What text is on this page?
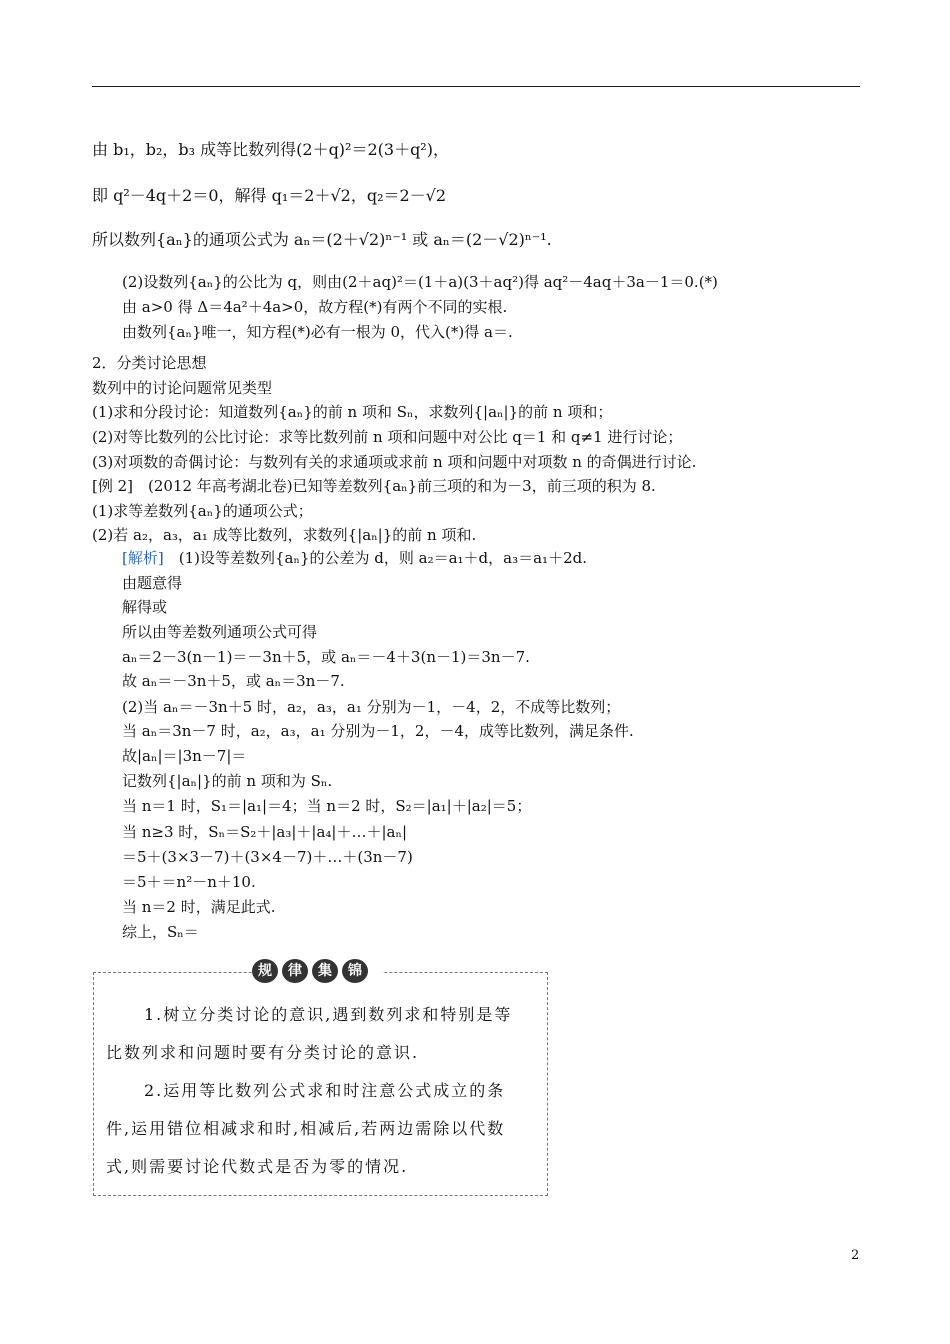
由 b₁，b₂，b₃ 成等比数列得(2＋q)²＝2(3＋q²)，
即 q²－4q＋2＝0，解得 q₁＝2＋√2，q₂＝2－√2
所以数列{aₙ}的通项公式为 aₙ＝(2＋√2)ⁿ⁻¹ 或 aₙ＝(2－√2)ⁿ⁻¹.
(2)设数列{aₙ}的公比为 q，则由(2＋aq)²＝(1＋a)(3＋aq²)得 aq²－4aq＋3a－1＝0.(*)
由 a>0 得 Δ＝4a²＋4a>0，故方程(*)有两个不同的实根.
由数列{aₙ}唯一，知方程(*)必有一根为 0，代入(*)得 a＝.
2．分类讨论思想
数列中的讨论问题常见类型
(1)求和分段讨论：知道数列{aₙ}的前 n 项和 Sₙ，求数列{|aₙ|}的前 n 项和；
(2)对等比数列的公比讨论：求等比数列前 n 项和问题中对公比 q＝1 和 q≠1 进行讨论；
(3)对项数的奇偶讨论：与数列有关的求通项或求前 n 项和问题中对项数 n 的奇偶进行讨论.
[例 2]　(2012 年高考湖北卷)已知等差数列{aₙ}前三项的和为－3，前三项的积为 8.
(1)求等差数列{aₙ}的通项公式；
(2)若 a₂，a₃，a₁ 成等比数列，求数列{|aₙ|}的前 n 项和.
[解析]　 (1)设等差数列{aₙ}的公差为 d，则 a₂＝a₁＋d，a₃＝a₁＋2d.
由题意得
解得或
所以由等差数列通项公式可得
aₙ＝2－3(n－1)＝－3n＋5，或 aₙ＝－4＋3(n－1)＝3n－7.
故 aₙ＝－3n＋5，或 aₙ＝3n－7.
(2)当 aₙ＝－3n＋5 时，a₂，a₃，a₁ 分别为－1，－4，2，不成等比数列；
当 aₙ＝3n－7 时，a₂，a₃，a₁ 分别为－1，2，－4，成等比数列，满足条件.
故|aₙ|＝|3n－7|＝
记数列{|aₙ|}的前 n 项和为 Sₙ.
当 n＝1 时，S₁＝|a₁|＝4；当 n＝2 时，S₂＝|a₁|＋|a₂|＝5；
当 n≥3 时，Sₙ＝S₂＋|a₃|＋|a₄|＋…＋|aₙ|
＝5＋(3×3－7)＋(3×4－7)＋…＋(3n－7)
＝5＋＝n²－n＋10.
当 n＝2 时，满足此式.
综上，Sₙ＝
规 律 集 锦
1.树立分类讨论的意识,遇到数列求和特别是等
比数列求和问题时要有分类讨论的意识.
2.运用等比数列公式求和时注意公式成立的条
件,运用错位相减求和时,相减后,若两边需除以代数
式,则需要讨论代数式是否为零的情况.
2
